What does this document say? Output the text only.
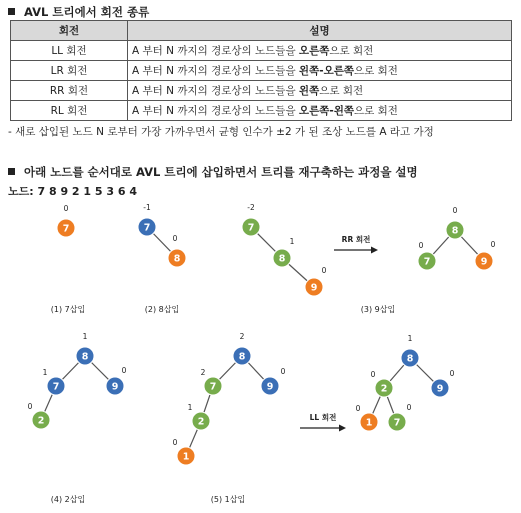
AVL 트리에서 회전 종류
회전	설명
LL 회전	A 부터 N 까지의 경로상의 노드들을 오른쪽으로 회전
LR 회전	A 부터 N 까지의 경로상의 노드들을 왼쪽-오른쪽으로 회전
RR 회전	A 부터 N 까지의 경로상의 노드들을 왼쪽으로 회전
RL 회전	A 부터 N 까지의 경로상의 노드들을 오른쪽-왼쪽으로 회전
- 새로 삽입된 노드 N 로부터 가장 가까우면서 균형 인수가 ±2 가 된 조상 노드를 A 라고 가정
아래 노드를 순서대로 AVL 트리에 삽입하면서 트리를 재구축하는 과정을 설명
노드: 7 8 9 2 1 5 3 6 4
7
0
7
-1
8
0
7
-2
8
1
9
0
8
0
7
0
9
0
8
1
7
1
9
0
2
0
8
2
7
2
9
0
2
1
1
0
8
1
2
0
9
0
1
0
7
0
(1) 7삽입	(2) 8삽입	(3) 9삽입
(4) 2삽입	(5) 1삽입
RR 회전
LL 회전
